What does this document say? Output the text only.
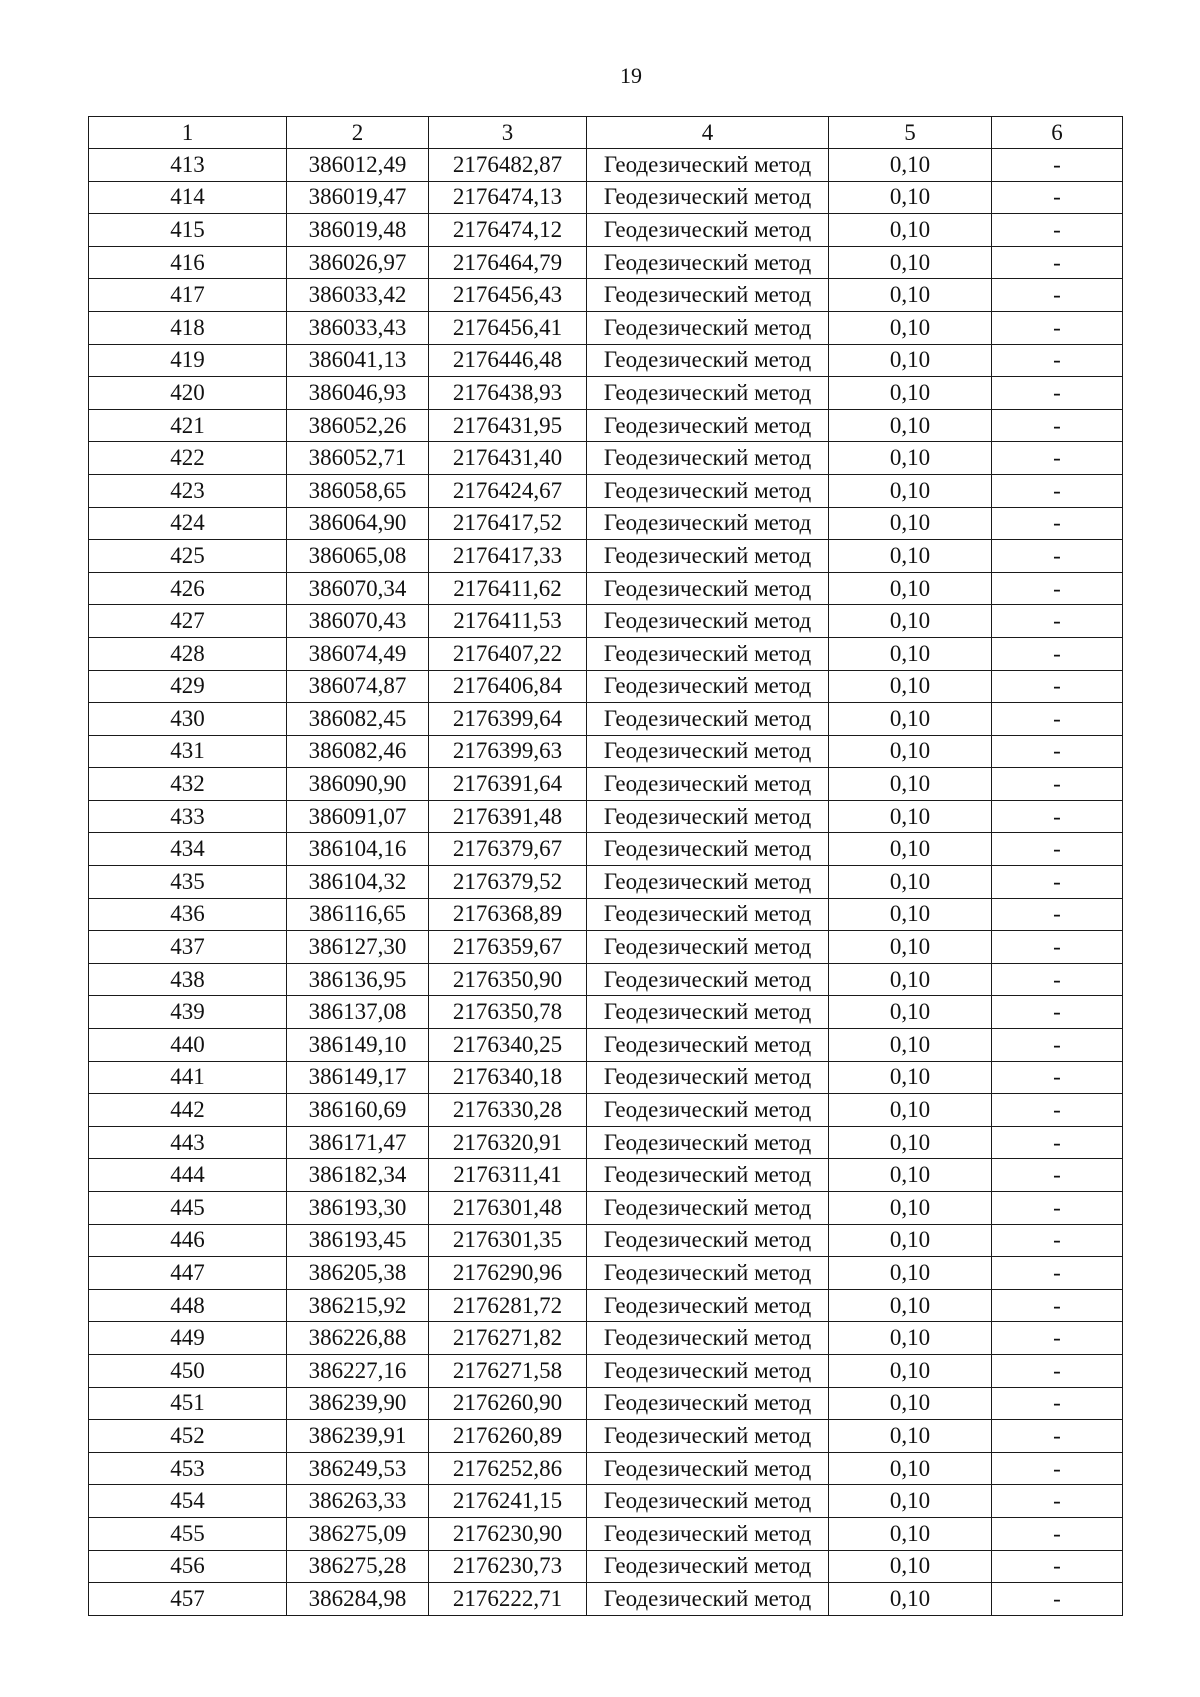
19
1	2	3	4	5	6
413	386012,49	2176482,87	Геодезический метод	0,10	-
414	386019,47	2176474,13	Геодезический метод	0,10	-
415	386019,48	2176474,12	Геодезический метод	0,10	-
416	386026,97	2176464,79	Геодезический метод	0,10	-
417	386033,42	2176456,43	Геодезический метод	0,10	-
418	386033,43	2176456,41	Геодезический метод	0,10	-
419	386041,13	2176446,48	Геодезический метод	0,10	-
420	386046,93	2176438,93	Геодезический метод	0,10	-
421	386052,26	2176431,95	Геодезический метод	0,10	-
422	386052,71	2176431,40	Геодезический метод	0,10	-
423	386058,65	2176424,67	Геодезический метод	0,10	-
424	386064,90	2176417,52	Геодезический метод	0,10	-
425	386065,08	2176417,33	Геодезический метод	0,10	-
426	386070,34	2176411,62	Геодезический метод	0,10	-
427	386070,43	2176411,53	Геодезический метод	0,10	-
428	386074,49	2176407,22	Геодезический метод	0,10	-
429	386074,87	2176406,84	Геодезический метод	0,10	-
430	386082,45	2176399,64	Геодезический метод	0,10	-
431	386082,46	2176399,63	Геодезический метод	0,10	-
432	386090,90	2176391,64	Геодезический метод	0,10	-
433	386091,07	2176391,48	Геодезический метод	0,10	-
434	386104,16	2176379,67	Геодезический метод	0,10	-
435	386104,32	2176379,52	Геодезический метод	0,10	-
436	386116,65	2176368,89	Геодезический метод	0,10	-
437	386127,30	2176359,67	Геодезический метод	0,10	-
438	386136,95	2176350,90	Геодезический метод	0,10	-
439	386137,08	2176350,78	Геодезический метод	0,10	-
440	386149,10	2176340,25	Геодезический метод	0,10	-
441	386149,17	2176340,18	Геодезический метод	0,10	-
442	386160,69	2176330,28	Геодезический метод	0,10	-
443	386171,47	2176320,91	Геодезический метод	0,10	-
444	386182,34	2176311,41	Геодезический метод	0,10	-
445	386193,30	2176301,48	Геодезический метод	0,10	-
446	386193,45	2176301,35	Геодезический метод	0,10	-
447	386205,38	2176290,96	Геодезический метод	0,10	-
448	386215,92	2176281,72	Геодезический метод	0,10	-
449	386226,88	2176271,82	Геодезический метод	0,10	-
450	386227,16	2176271,58	Геодезический метод	0,10	-
451	386239,90	2176260,90	Геодезический метод	0,10	-
452	386239,91	2176260,89	Геодезический метод	0,10	-
453	386249,53	2176252,86	Геодезический метод	0,10	-
454	386263,33	2176241,15	Геодезический метод	0,10	-
455	386275,09	2176230,90	Геодезический метод	0,10	-
456	386275,28	2176230,73	Геодезический метод	0,10	-
457	386284,98	2176222,71	Геодезический метод	0,10	-
